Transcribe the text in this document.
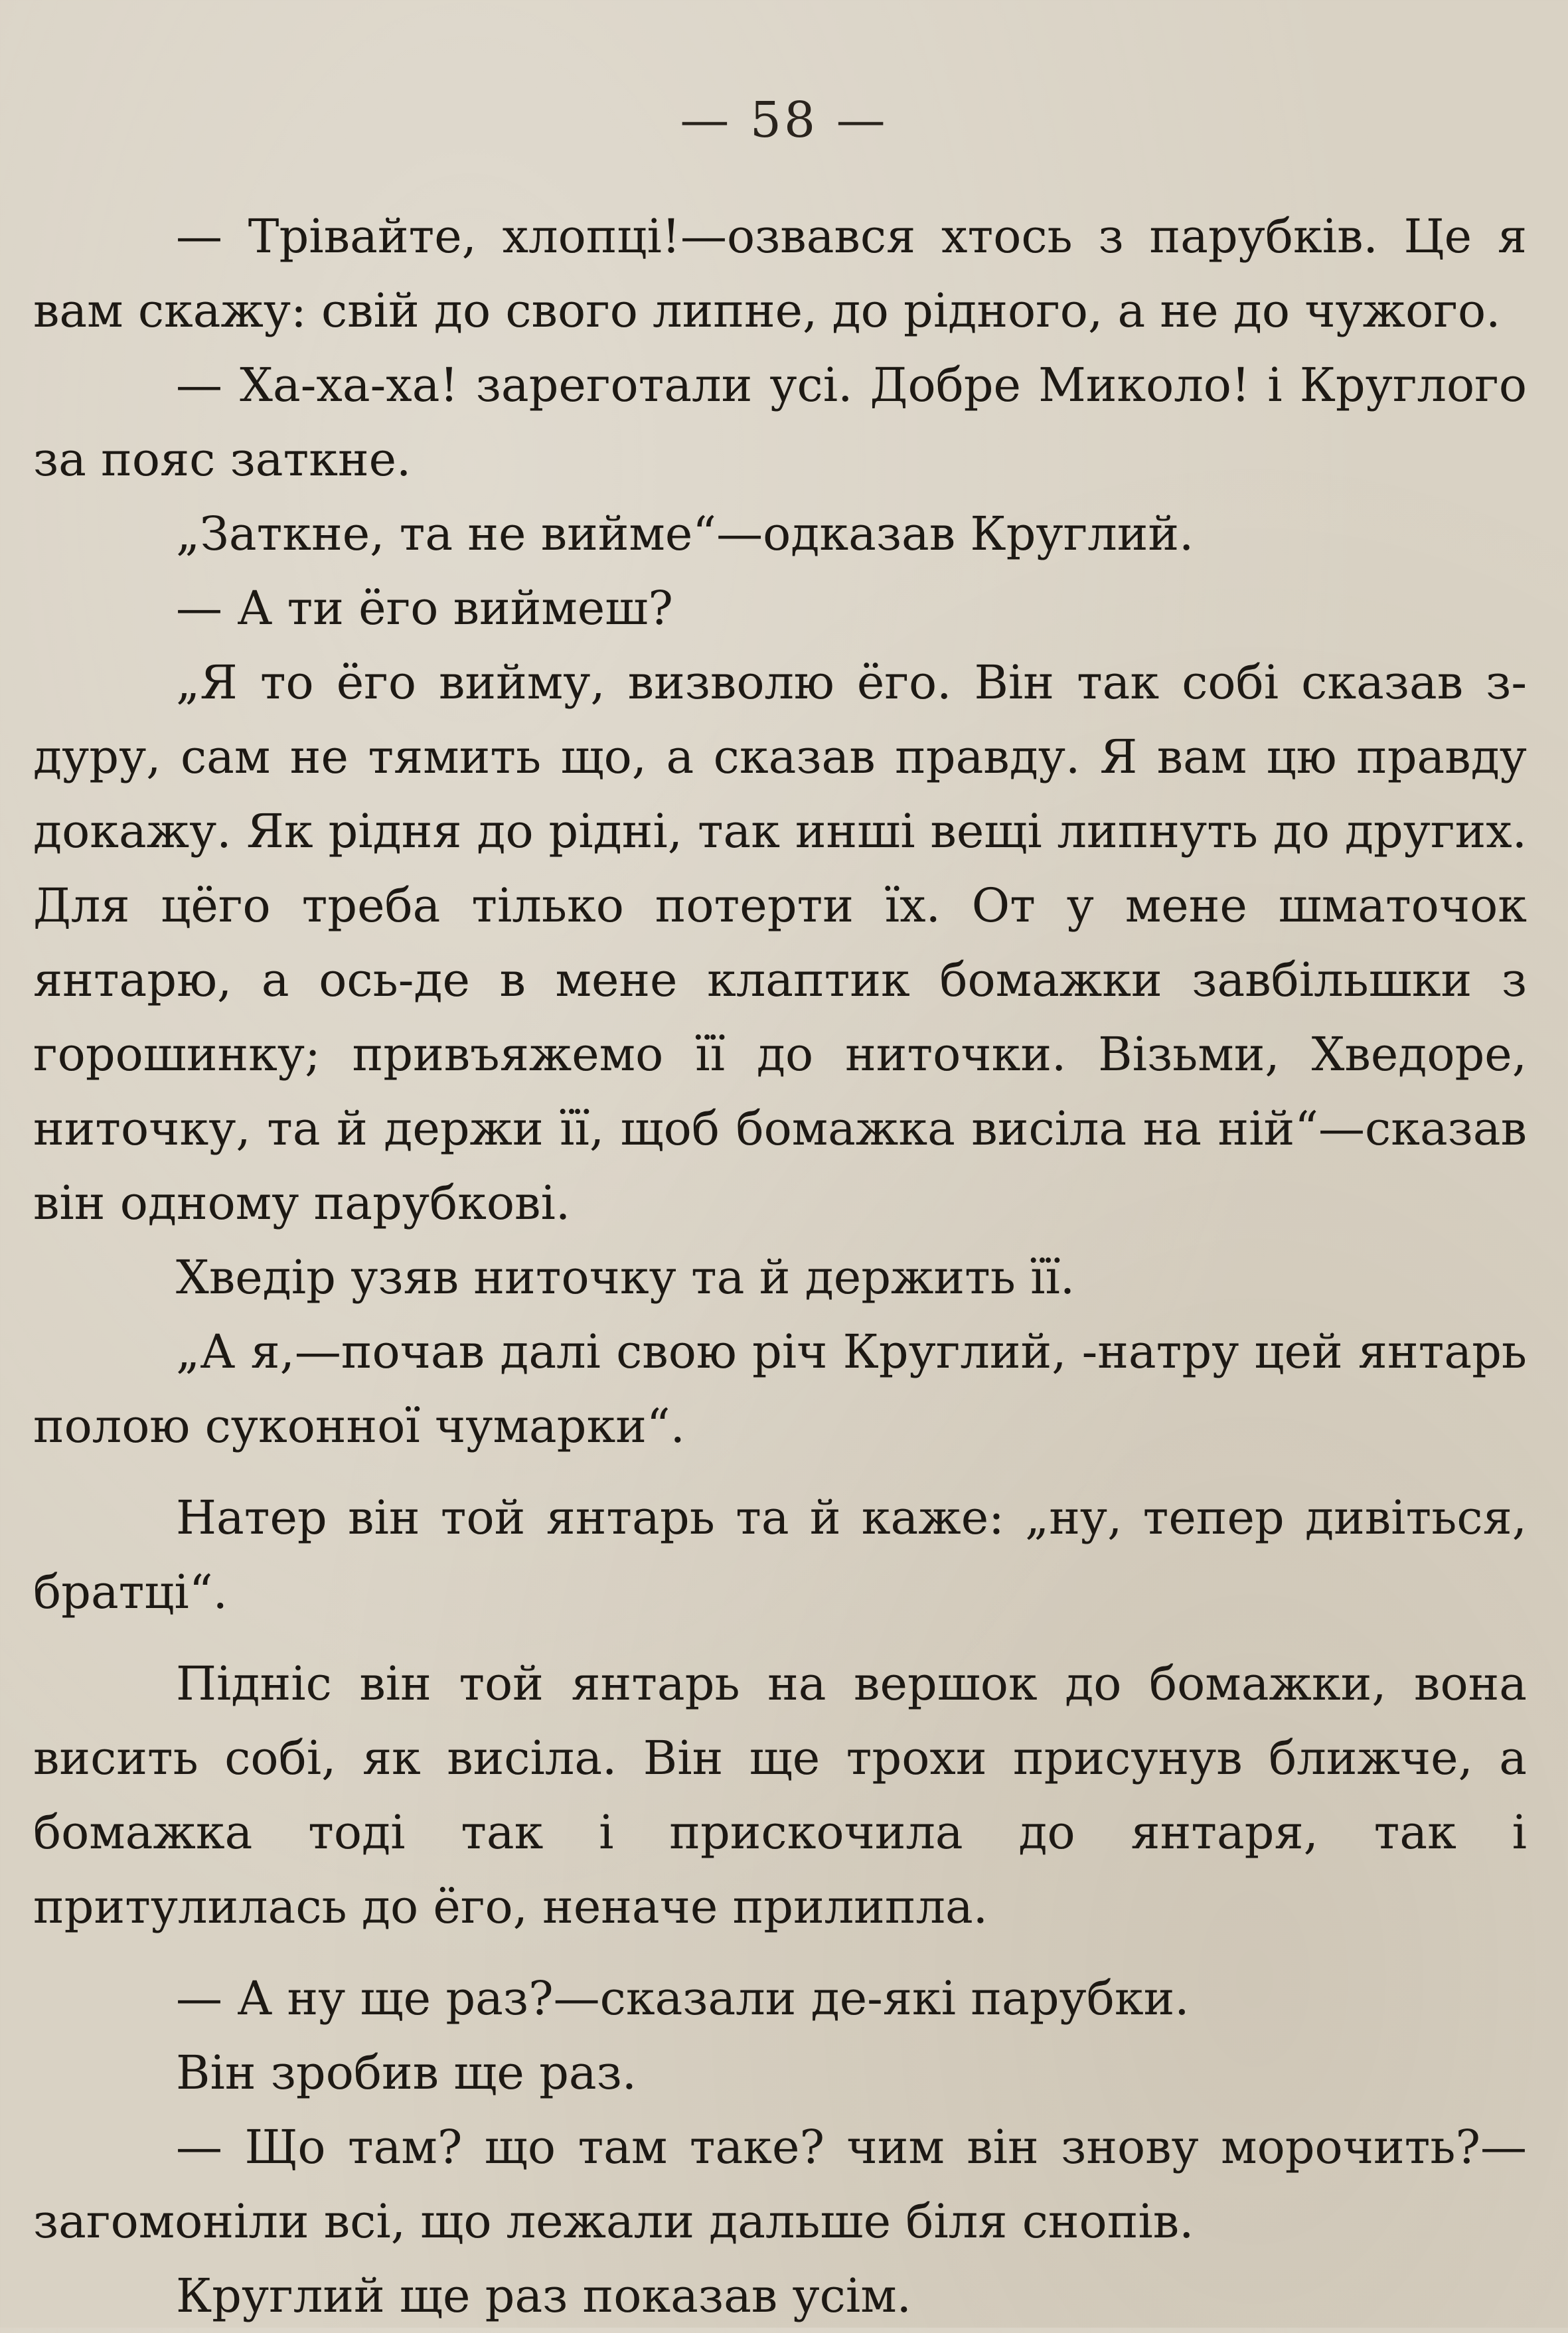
— 58 —

— Трівайте, хлопці!—озвався хтось з парубків. Це я вам скажу: свій до свого липне, до рідного, а не до чужого.

— Ха-ха-ха! зареготали усі. Добре Миколо! і Круглого за пояс заткне.

„Заткне, та не вийме“—одказав Круглий.

— А ти ёго виймеш?

„Я то ёго вийму, визволю ёго. Він так собі сказав з-дуру, сам не тямить що, а сказав правду. Я вам цю правду докажу. Як рідня до рідні, так инші вещі липнуть до других. Для цёго треба тілько потерти їх. От у мене шматочок янтарю, а ось-де в мене клаптик бомажки завбільшки з горошинку; привъяжемо її до ниточки. Візьми, Хведоре, ниточку, та й держи її, щоб бомажка висіла на ній“—сказав він одному парубкові.

Хведір узяв ниточку та й держить її.

„А я,—почав далі свою річ Круглий, -натру цей янтарь полою суконної чумарки“.

Натер він той янтарь та й каже: „ну, тепер дивіться, братці“.

Підніс він той янтарь на вершок до бомажки, вона висить собі, як висіла. Він ще трохи присунув ближче, а бомажка тоді так і прискочила до янтаря, так і притулилась до ёго, неначе прилипла.

— А ну ще раз?—сказали де-які парубки.

Він зробив ще раз.

— Що там? що там таке? чим він знову морочить?—загомоніли всі, що лежали дальше біля снопів.

Круглий ще раз показав усім.
